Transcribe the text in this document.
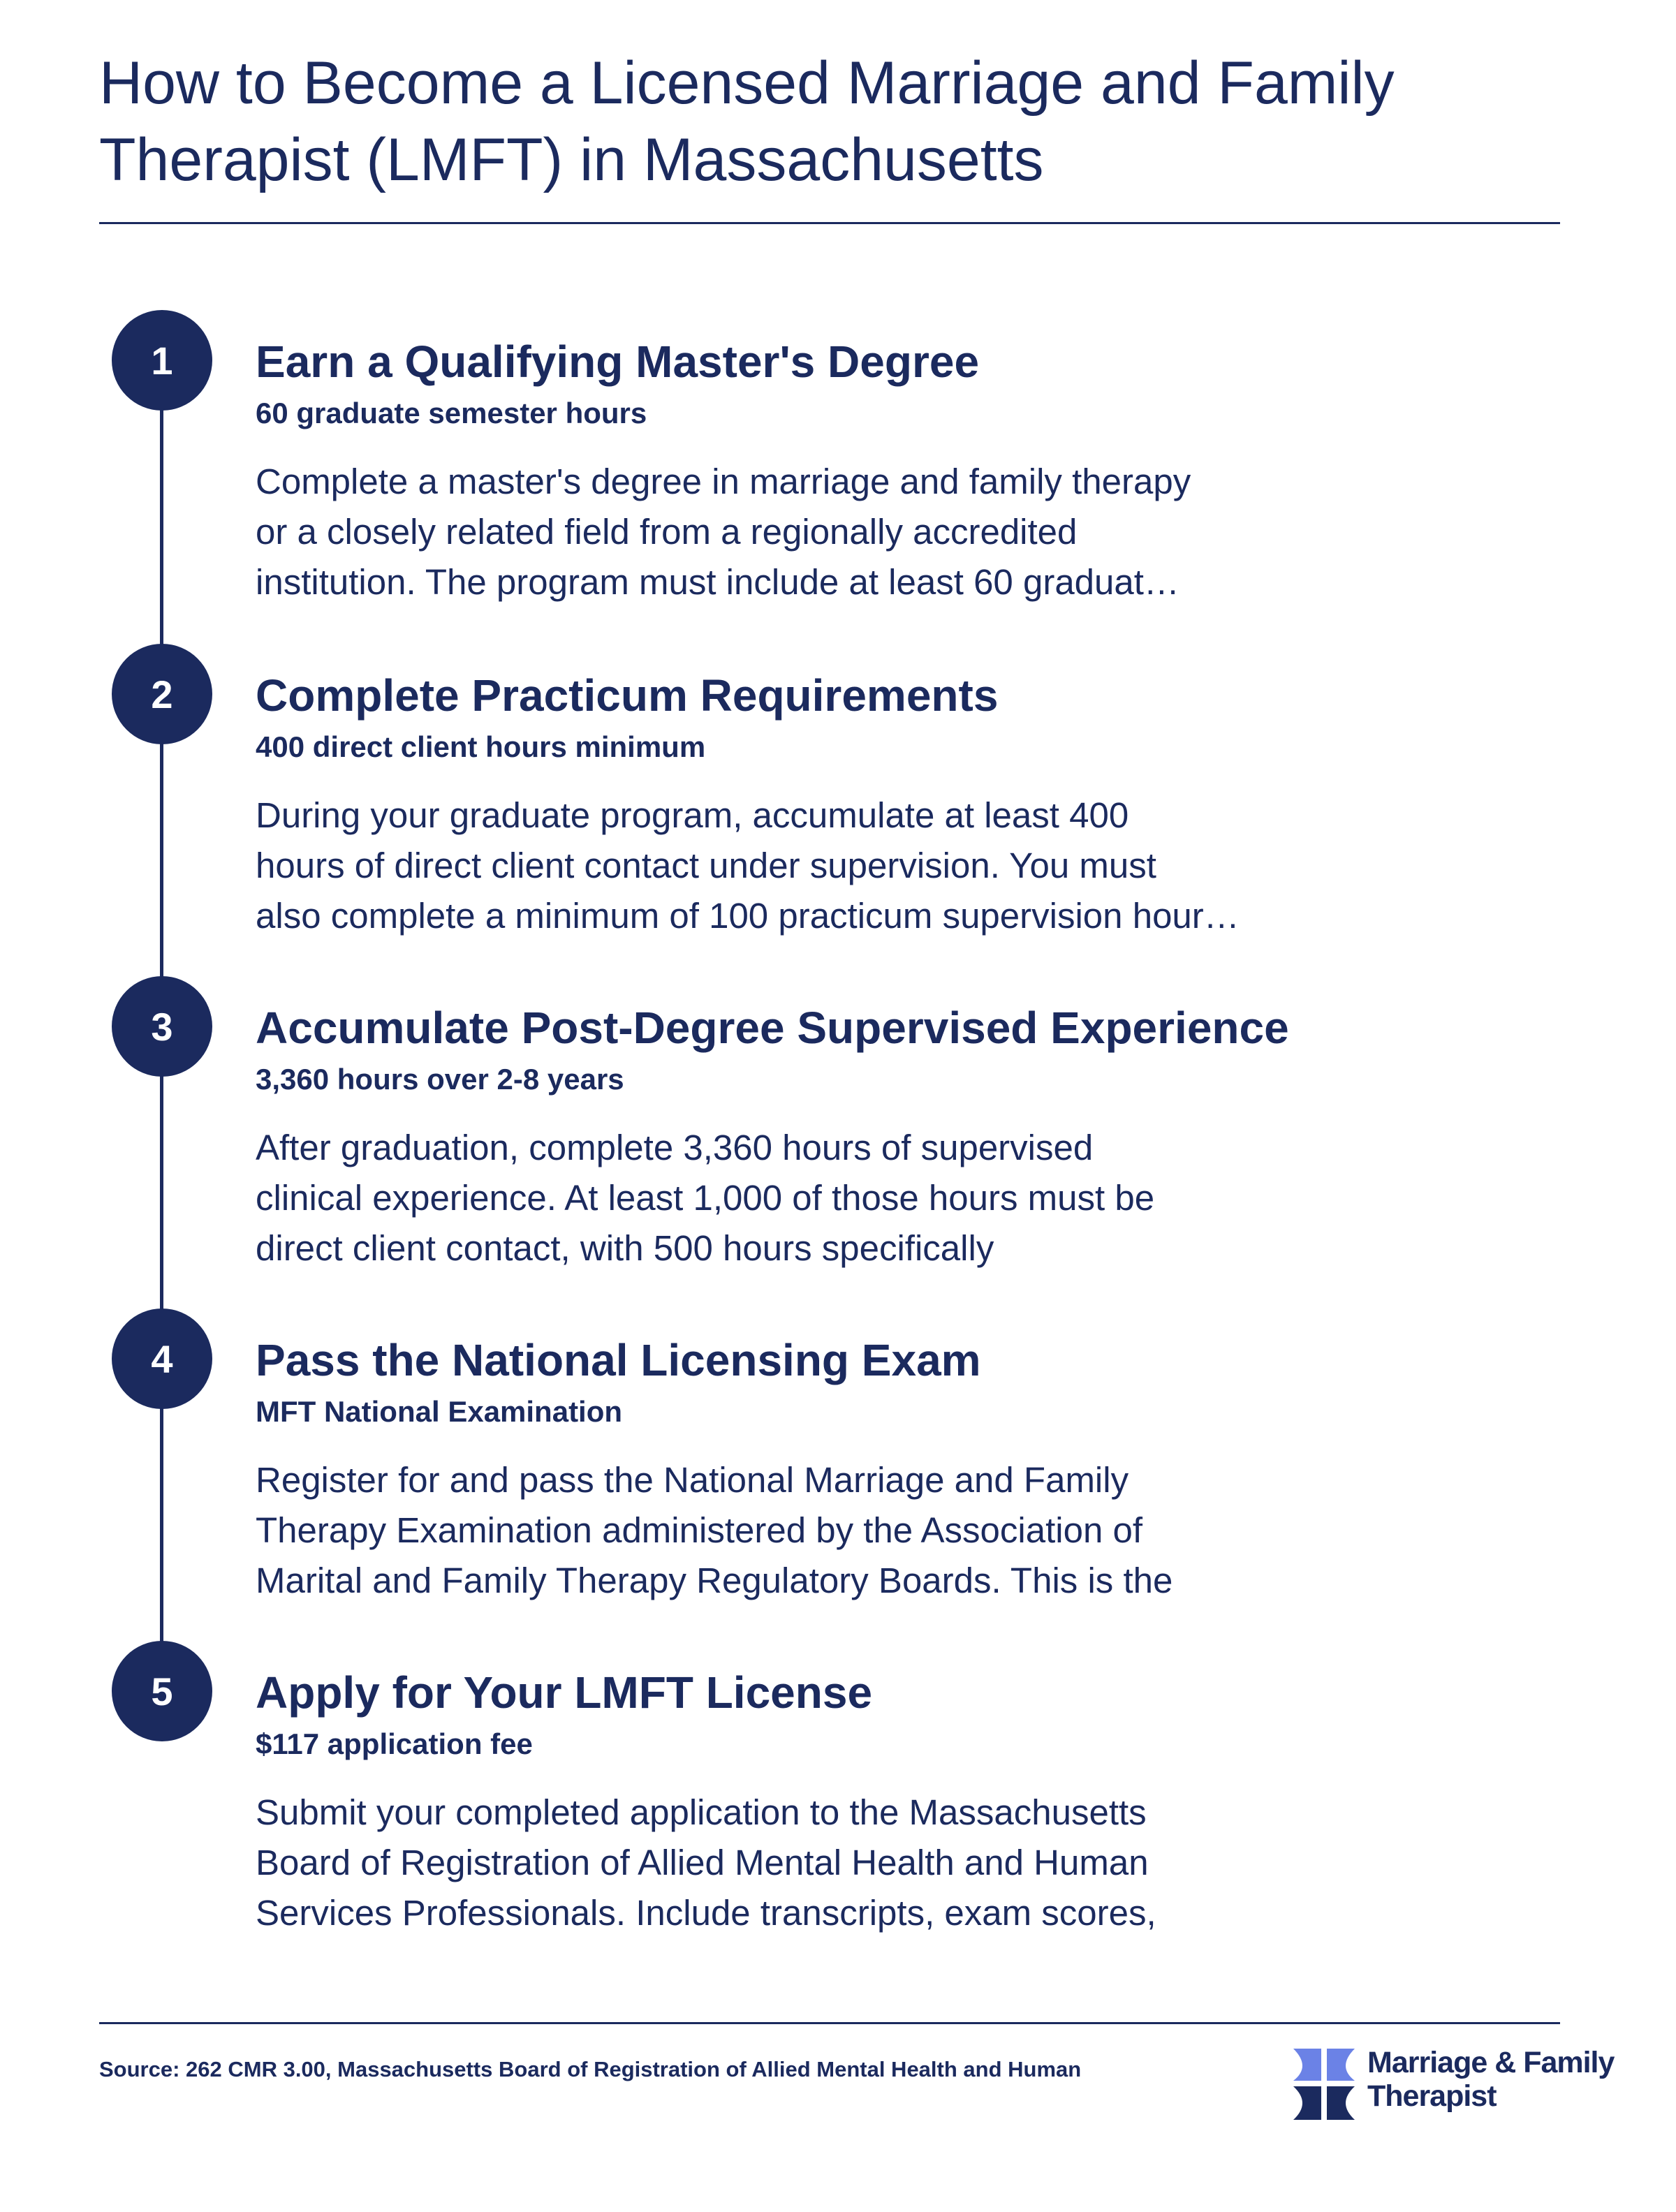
How to Become a Licensed Marriage and Family
Therapist (LMFT) in Massachusetts
1	Earn a Qualifying Master's Degree
60 graduate semester hours

Complete a master's degree in marriage and family therapy
or a closely related field from a regionally accredited
institution. The program must include at least 60 graduat…

2	Complete Practicum Requirements
400 direct client hours minimum

During your graduate program, accumulate at least 400
hours of direct client contact under supervision. You must
also complete a minimum of 100 practicum supervision hour…

3	Accumulate Post-Degree Supervised Experience
3,360 hours over 2-8 years

After graduation, complete 3,360 hours of supervised
clinical experience. At least 1,000 of those hours must be
direct client contact, with 500 hours specifically

4	Pass the National Licensing Exam
MFT National Examination

Register for and pass the National Marriage and Family
Therapy Examination administered by the Association of
Marital and Family Therapy Regulatory Boards. This is the

5	Apply for Your LMFT License
$117 application fee

Submit your completed application to the Massachusetts
Board of Registration of Allied Mental Health and Human
Services Professionals. Include transcripts, exam scores,

Source: 262 CMR 3.00, Massachusetts Board of Registration of Allied Mental Health and Human	Marriage & Family
Therapist
